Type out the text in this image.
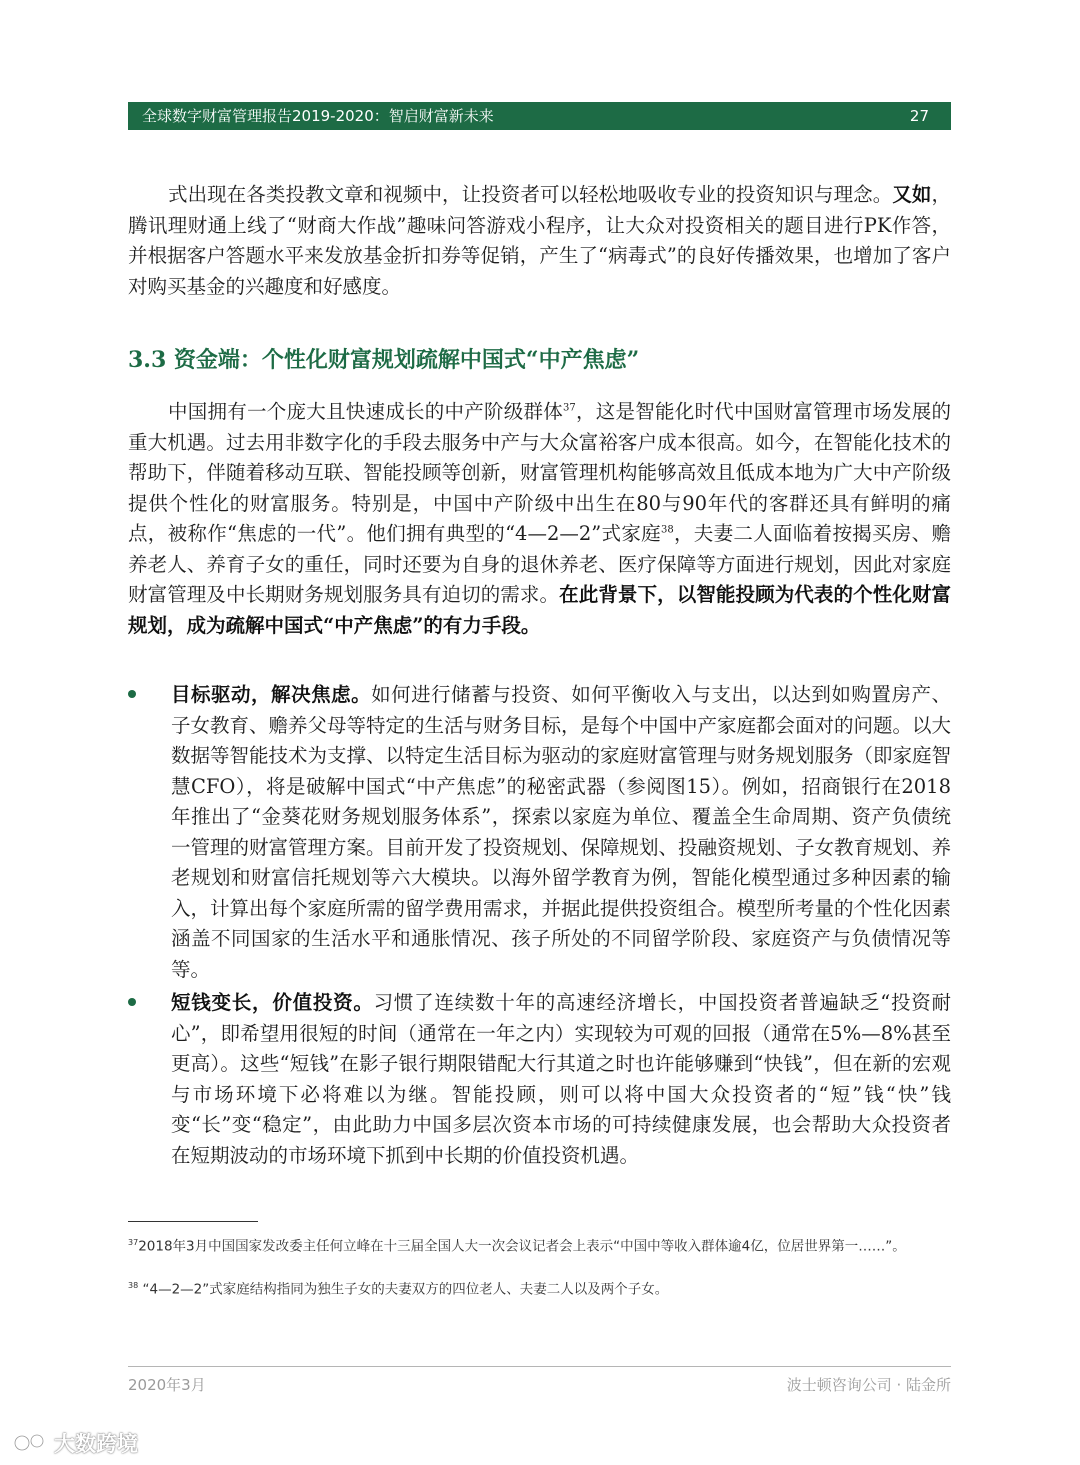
全球数字财富管理报告2019-2020：智启财富新未来	27
式出现在各类投教文章和视频中，让投资者可以轻松地吸收专业的投资知识与理念。又如，腾讯理财通上线了“财商大作战”趣味问答游戏小程序，让大众对投资相关的题目进行PK作答，并根据客户答题水平来发放基金折扣券等促销，产生了“病毒式”的良好传播效果，也增加了客户对购买基金的兴趣度和好感度。
3.3 资金端：个性化财富规划疏解中国式“中产焦虑”
中国拥有一个庞大且快速成长的中产阶级群体$^{37}$，这是智能化时代中国财富管理市场发展的重大机遇。过去用非数字化的手段去服务中产与大众富裕客户成本很高。如今，在智能化技术的帮助下，伴随着移动互联、智能投顾等创新，财富管理机构能够高效且低成本地为广大中产阶级提供个性化的财富服务。特别是，中国中产阶级中出生在80与90年代的客群还具有鲜明的痛点，被称作“焦虑的一代”。他们拥有典型的“4—2—2”式家庭$^{38}$，夫妻二人面临着按揭买房、赡养老人、养育子女的重任，同时还要为自身的退休养老、医疗保障等方面进行规划，因此对家庭财富管理及中长期财务规划服务具有迫切的需求。在此背景下，以智能投顾为代表的个性化财富规划，成为疏解中国式“中产焦虑”的有力手段。
目标驱动，解决焦虑。如何进行储蓄与投资、如何平衡收入与支出，以达到如购置房产、子女教育、赡养父母等特定的生活与财务目标，是每个中国中产家庭都会面对的问题。以大数据等智能技术为支撑、以特定生活目标为驱动的家庭财富管理与财务规划服务（即家庭智慧CFO），将是破解中国式“中产焦虑”的秘密武器（参阅图15）。例如，招商银行在2018年推出了“金葵花财务规划服务体系”，探索以家庭为单位、覆盖全生命周期、资产负债统一管理的财富管理方案。目前开发了投资规划、保障规划、投融资规划、子女教育规划、养老规划和财富信托规划等六大模块。以海外留学教育为例，智能化模型通过多种因素的输入，计算出每个家庭所需的留学费用需求，并据此提供投资组合。模型所考量的个性化因素涵盖不同国家的生活水平和通胀情况、孩子所处的不同留学阶段、家庭资产与负债情况等等。
短钱变长，价值投资。习惯了连续数十年的高速经济增长，中国投资者普遍缺乏“投资耐心”，即希望用很短的时间（通常在一年之内）实现较为可观的回报（通常在5%—8%甚至更高）。这些“短钱”在影子银行期限错配大行其道之时也许能够赚到“快钱”，但在新的宏观与市场环境下必将难以为继。智能投顾，则可以将中国大众投资者的“短”钱“快”钱变“长”变“稳定”，由此助力中国多层次资本市场的可持续健康发展，也会帮助大众投资者在短期波动的市场环境下抓到中长期的价值投资机遇。
$^{37}$2018年3月中国国家发改委主任何立峰在十三届全国人大一次会议记者会上表示“中国中等收入群体逾4亿，位居世界第一……”。
$^{38}$ “4—2—2”式家庭结构指同为独生子女的夫妻双方的四位老人、夫妻二人以及两个子女。
2020年3月	波士顿咨询公司 · 陆金所
大数跨境
